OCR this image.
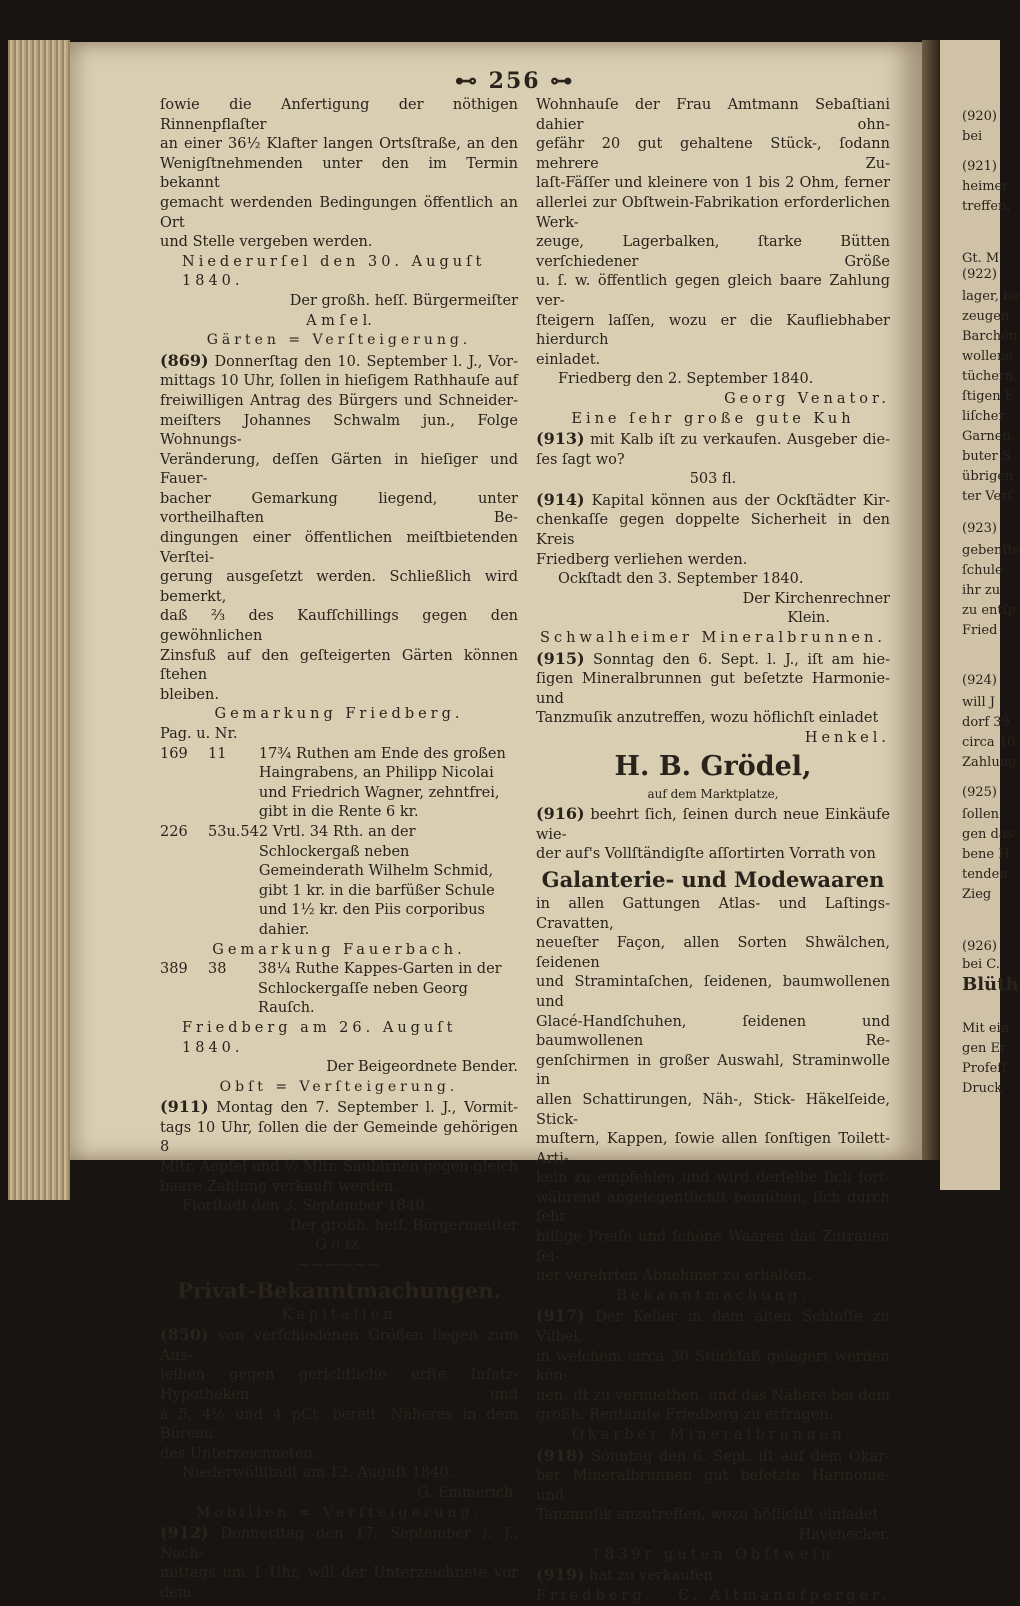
(920)
bei
(921)
heimer
treffen,
Gt. M.
(922)
lager, be
zeugen,
Barchen
wollene
tüchern,
ſtigen F
liſcher
Garnen,
buter S
übrigen
ter Verſ
(923)
gebenſte
ſchule
ihr zu
zu entſp
Fried
(924)
will J
dorf 39
circa 10
Zahlung
(925)
ſollen
gen das
bene H
tenden
Zieg
(926)
bei C.
Blüth
Mit ein
gen Er
Profeſſ
Druck
⊷ 256 ⊶

ſowie die Anfertigung der nöthigen Rinnenpflaſter

an einer 36½ Klafter langen Ortsſtraße, an den

Wenigſtnehmenden unter den im Termin bekannt

gemacht werdenden Bedingungen öffentlich an Ort

und Stelle vergeben werden.

Niederurſel den 30. Auguſt 1840.

Der großh. heſſ. Bürgermeiſter

A m ſ e l.

Gärten = Verſteigerung.

(869) Donnerſtag den 10. September l. J., Vor-

mittags 10 Uhr, ſollen in hieſigem Rathhauſe auf

freiwilligen Antrag des Bürgers und Schneider-

meiſters Johannes Schwalm jun., Folge Wohnungs-

Veränderung, deſſen Gärten in hieſiger und Fauer-

bacher Gemarkung liegend, unter vortheilhaften Be-

dingungen einer öffentlichen meiſtbietenden Verſtei-

gerung ausgeſetzt werden. Schließlich wird bemerkt,

daß ⅔ des Kaufſchillings gegen den gewöhnlichen

Zinsfuß auf den geſteigerten Gärten können ſtehen

bleiben.

Gemarkung Friedberg.

Pag. u. Nr.

169	11	17¾ Ruthen am Ende des großen Haingrabens, an Philipp Nicolai und Friedrich Wagner, zehntfrei, gibt in die Rente 6 kr.
226	53u.54	2 Vrtl. 34 Rth. an der Schlockergaß neben Gemeinderath Wilhelm Schmid, gibt 1 kr. in die barfüßer Schule und 1½ kr. den Piis corporibus dahier.

Gemarkung Fauerbach.

389	38	38¼ Ruthe Kappes-Garten in der Schlockergaſſe neben Georg Rauſch.

Friedberg am 26. Auguſt 1840.

Der Beigeordnete Bender.

Obſt = Verſteigerung.

(911) Montag den 7. September l. J., Vormit-

tags 10 Uhr, ſollen die der Gemeinde gehörigen 8

Mltr. Aepfel und ½ Mltr. Saubirnen gegen gleich

baare Zahlung verkauft werden.

Florſtadt den 3. September 1840.

Der großh. heſſ. Bürgermeiſter

G ö tz.

⁓⁓⁓⁓⁓⁓

Privat-Bekanntmachungen.

Kapitalien

(850) von verſchiedenen Größen liegen zum Aus-

leihen gegen gerichtliche erſte Inſatz-Hypotheken und

à 5, 4½ und 4 pCt. bereit. Näheres in dem Büreau

des Unterzeichneten.

Niederwöllſtadt am 12. Auguſt 1840.

G. Emmerich.

Mobilien = Verſteigerung.

(912) Donnerſtag den 17. September l. J., Nach-

mittags um 1 Uhr, will der Unterzeichnete vor dem

Wohnhauſe der Frau Amtmann Sebaſtiani dahier ohn-

gefähr 20 gut gehaltene Stück-, ſodann mehrere Zu-

laſt-Fäſſer und kleinere von 1 bis 2 Ohm, ferner

allerlei zur Obſtwein-Fabrikation erforderlichen Werk-

zeuge, Lagerbalken, ſtarke Bütten verſchiedener Größe

u. ſ. w. öffentlich gegen gleich baare Zahlung ver-

ſteigern laſſen, wozu er die Kaufliebhaber hierdurch

einladet.

Friedberg den 2. September 1840.

Georg Venator.

Eine ſehr große gute Kuh

(913) mit Kalb iſt zu verkaufen. Ausgeber die-

ſes ſagt wo?

503 fl.

(914) Kapital können aus der Ockſtädter Kir-

chenkaſſe gegen doppelte Sicherheit in den Kreis

Friedberg verliehen werden.

Ockſtadt den 3. September 1840.

Der Kirchenrechner

Klein.

Schwalheimer Mineralbrunnen.

(915) Sonntag den 6. Sept. l. J., iſt am hie-

ſigen Mineralbrunnen gut beſetzte Harmonie- und

Tanzmuſik anzutreffen, wozu höflichſt einladet

Henkel.

H. B. Grödel,

auf dem Marktplatze,

(916) beehrt ſich, ſeinen durch neue Einkäufe wie-

der auf's Vollſtändigſte aſſortirten Vorrath von

Galanterie- und Modewaaren

in allen Gattungen Atlas- und Laſtings-Cravatten,

neueſter Façon, allen Sorten Shwälchen, ſeidenen

und Stramintaſchen, ſeidenen, baumwollenen und

Glacé-Handſchuhen, ſeidenen und baumwollenen Re-

genſchirmen in großer Auswahl, Straminwolle in

allen Schattirungen, Näh-, Stick- Häkelſeide, Stick-

muſtern, Kappen, ſowie allen ſonſtigen Toilett-Arti-

keln zu empfehlen und wird derſelbe ſich fort-

während angelegentlichſt bemühen, ſich durch ſehr

billige Preiſe und ſchöne Waaren das Zutrauen ſei-

ner verehrten Abnehmer zu erhalten.

Bekanntmachung.

(917) Der Keller in dem alten Schloſſe zu Vilbel,

in welchem circa 30 Stückfaß gelagert werden kön-

nen, iſt zu vermiethen, und das Nähere bei dem

großh. Rentamte Friedberg zu erfragen.

Okarber Mineralbrunnen.

(918) Sonntag den 6. Sept. iſt auf dem Okar-

ber Mineralbrunnen gut beſetzte Harmonie- und

Tanzmuſik anzutreffen, wozu höflichſt einladet

Havenecker.

1839r guten Obſtwein

(919) hat zu verkaufen

Friedberg. C. Altmannſperger.
